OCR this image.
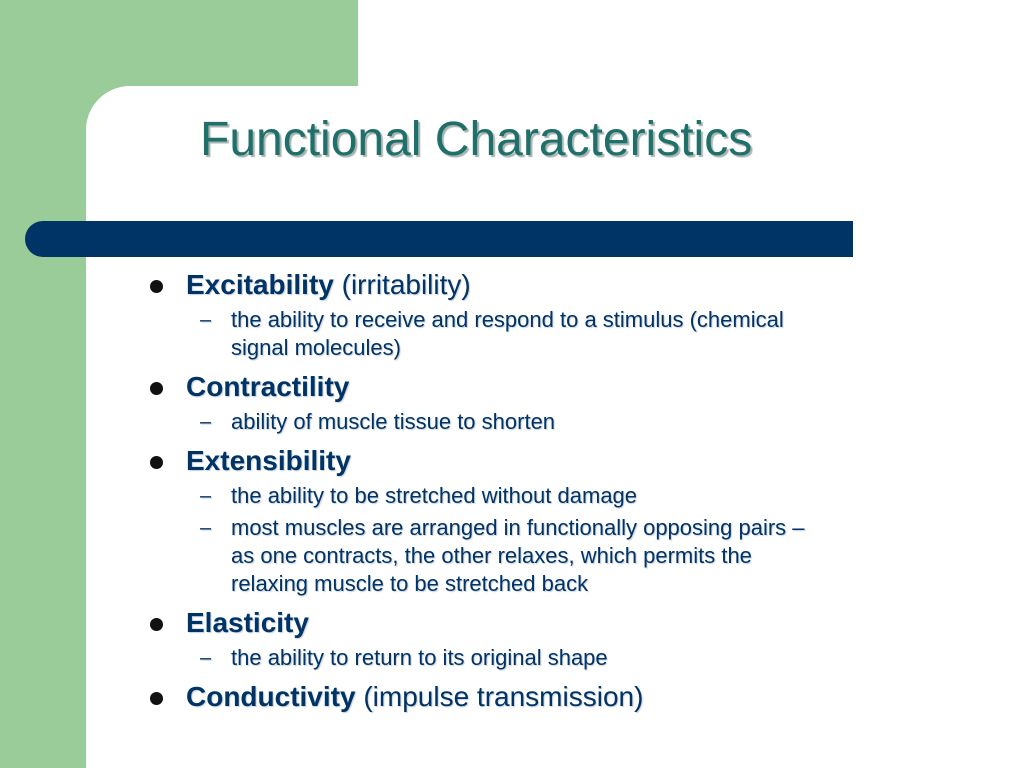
Functional Characteristics
Excitability (irritability)
– the ability to receive and respond to a stimulus (chemical signal molecules)
Contractility
– ability of muscle tissue to shorten
Extensibility
– the ability to be stretched without damage
– most muscles are arranged in functionally opposing pairs – as one contracts, the other relaxes, which permits the relaxing muscle to be stretched back
Elasticity
– the ability to return to its original shape
Conductivity (impulse transmission)
